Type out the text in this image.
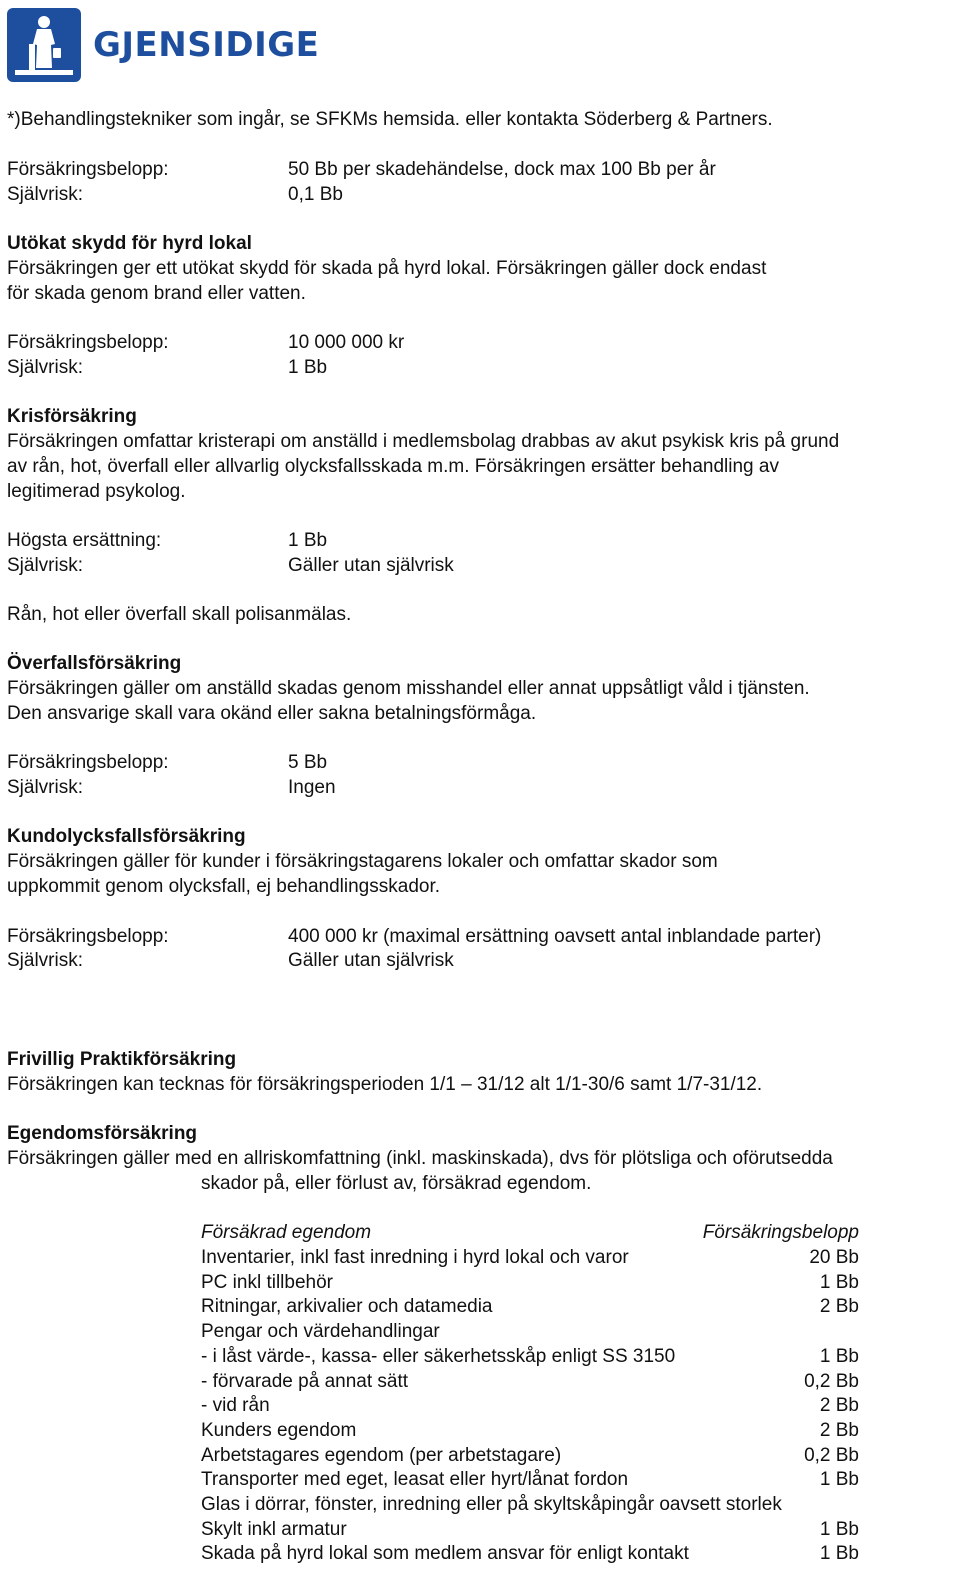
GJENSIDIGE
*)Behandlingstekniker som ingår, se SFKMs hemsida. eller kontakta Söderberg & Partners.
Försäkringsbelopp:	50 Bb per skadehändelse, dock max 100 Bb per år
Självrisk:	0,1 Bb
Utökat skydd för hyrd lokal
Försäkringen ger ett utökat skydd för skada på hyrd lokal. Försäkringen gäller dock endast
för skada genom brand eller vatten.
Försäkringsbelopp:	10 000 000 kr
Självrisk:	1 Bb
Krisförsäkring
Försäkringen omfattar kristerapi om anställd i medlemsbolag drabbas av akut psykisk kris på grund
av rån, hot, överfall eller allvarlig olycksfallsskada m.m. Försäkringen ersätter behandling av
legitimerad psykolog.
Högsta ersättning:	1 Bb
Självrisk:	Gäller utan självrisk
Rån, hot eller överfall skall polisanmälas.
Överfallsförsäkring
Försäkringen gäller om anställd skadas genom misshandel eller annat uppsåtligt våld i tjänsten.
Den ansvarige skall vara okänd eller sakna betalningsförmåga.
Försäkringsbelopp:	5 Bb
Självrisk:	Ingen
Kundolycksfallsförsäkring
Försäkringen gäller för kunder i försäkringstagarens lokaler och omfattar skador som
uppkommit genom olycksfall, ej behandlingsskador.
Försäkringsbelopp:	400 000 kr (maximal ersättning oavsett antal inblandade parter)
Självrisk:	Gäller utan självrisk
Frivillig Praktikförsäkring
Försäkringen kan tecknas för försäkringsperioden 1/1 – 31/12 alt 1/1-30/6 samt 1/7-31/12.
Egendomsförsäkring
Försäkringen gäller med en allriskomfattning (inkl. maskinskada), dvs för plötsliga och oförutsedda
skador på, eller förlust av, försäkrad egendom.
Försäkrad egendom	Försäkringsbelopp
Inventarier, inkl fast inredning i hyrd lokal och varor	20 Bb
PC inkl tillbehör	1 Bb
Ritningar, arkivalier och datamedia	2 Bb
Pengar och värdehandlingar
- i låst värde-, kassa- eller säkerhetsskåp enligt SS 3150	1 Bb
- förvarade på annat sätt	0,2 Bb
- vid rån	2 Bb
Kunders egendom	2 Bb
Arbetstagares egendom (per arbetstagare)	0,2 Bb
Transporter med eget, leasat eller hyrt/lånat fordon	1 Bb
Glas i dörrar, fönster, inredning eller på skyltskåpingår oavsett storlek
Skylt inkl armatur	1 Bb
Skada på hyrd lokal som medlem ansvar för enligt kontakt	1 Bb
